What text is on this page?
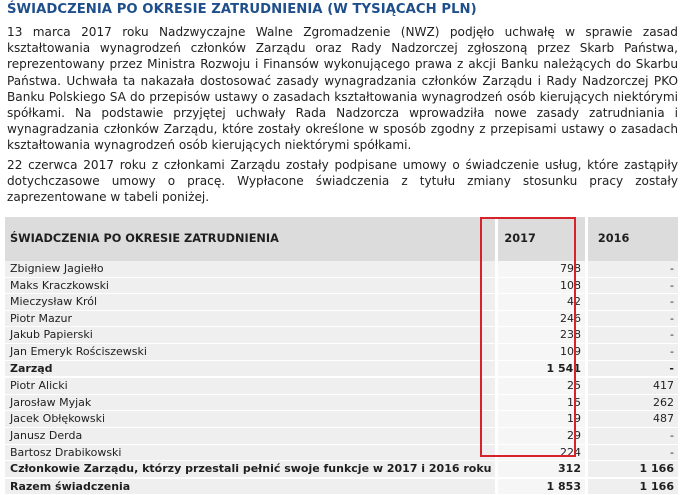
ŚWIADCZENIA PO OKRESIE ZATRUDNIENIA (W TYSIĄCACH PLN)

13 marca 2017 roku Nadzwyczajne Walne Zgromadzenie (NWZ) podjęło uchwałę w sprawie zasad kształtowania wynagrodzeń członków Zarządu oraz Rady Nadzorczej zgłoszoną przez Skarb Państwa, reprezentowany przez Ministra Rozwoju i Finansów wykonującego prawa z akcji Banku należących do Skarbu Państwa. Uchwała ta nakazała dostosować zasady wynagradzania członków Zarządu i Rady Nadzorczej PKO Banku Polskiego SA do przepisów ustawy o zasadach kształtowania wynagrodzeń osób kierujących niektórymi spółkami. Na podstawie przyjętej uchwały Rada Nadzorcza wprowadziła nowe zasady zatrudniania i wynagradzania członków Zarządu, które zostały określone w sposób zgodny z przepisami ustawy o zasadach kształtowania wynagrodzeń osób kierujących niektórymi spółkami.

22 czerwca 2017 roku z członkami Zarządu zostały podpisane umowy o świadczenie usług, które zastąpiły dotychczasowe umowy o pracę. Wypłacone świadczenia z tytułu zmiany stosunku pracy zostały zaprezentowane w tabeli poniżej.

ŚWIADCZENIA PO OKRESIE ZATRUDNIENIA		2017		2016
Zbigniew Jagiełło		798		-
Maks Kraczkowski		108		-
Mieczysław Król		42		-
Piotr Mazur		246		-
Jakub Papierski		238		-
Jan Emeryk Rościszewski		109		-
Zarząd		1 541		-
Piotr Alicki		25		417
Jarosław Myjak		15		262
Jacek Obłękowski		19		487
Janusz Derda		29		-
Bartosz Drabikowski		224		-
Członkowie Zarządu, którzy przestali pełnić swoje funkcje w 2017 i 2016 roku		312		1 166
Razem świadczenia		1 853		1 166
